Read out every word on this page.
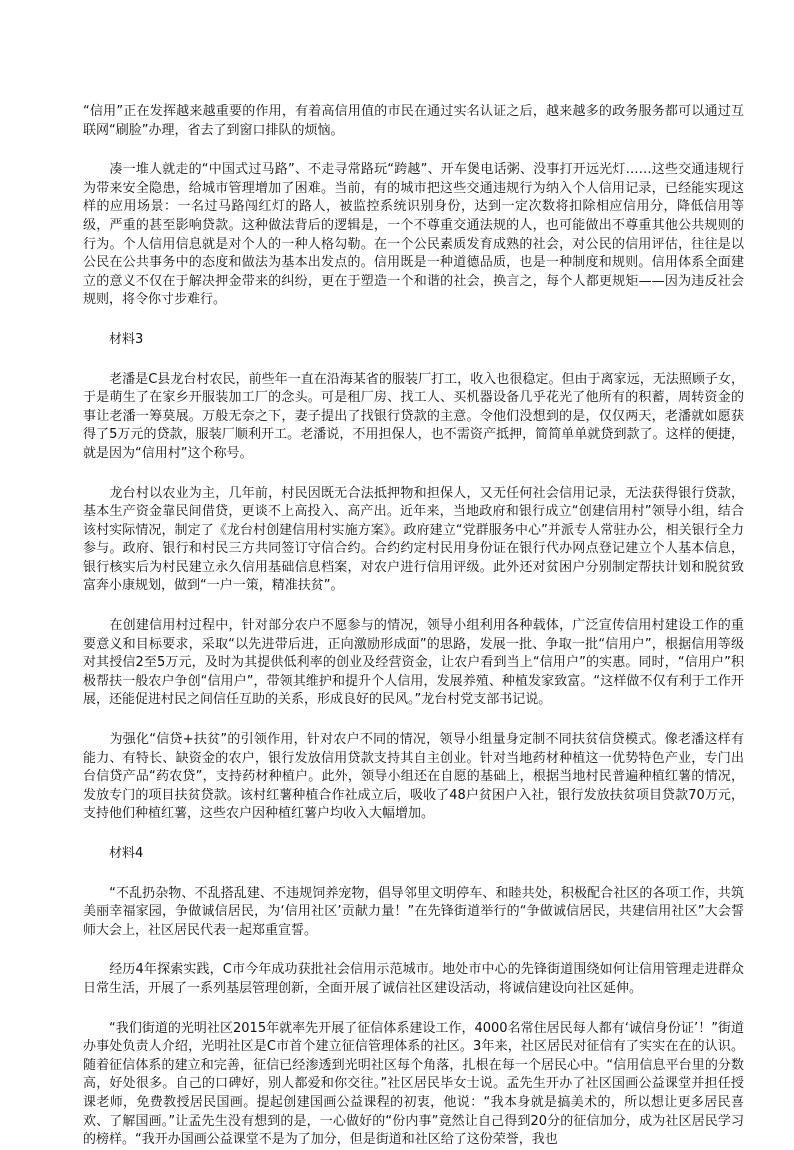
“信用”正在发挥越来越重要的作用，有着高信用值的市民在通过实名认证之后，越来越多的政务服务都可以通过互联网“刷脸”办理，省去了到窗口排队的烦恼。

　　凑一堆人就走的“中国式过马路”、不走寻常路玩“跨越”、开车煲电话粥、没事打开远光灯……这些交通违规行为带来安全隐患，给城市管理增加了困难。当前，有的城市把这些交通违规行为纳入个人信用记录，已经能实现这样的应用场景：一名过马路闯红灯的路人，被监控系统识别身份，达到一定次数将扣除相应信用分，降低信用等级，严重的甚至影响贷款。这种做法背后的逻辑是，一个不尊重交通法规的人，也可能做出不尊重其他公共规则的行为。个人信用信息就是对个人的一种人格勾勒。在一个公民素质发育成熟的社会，对公民的信用评估，往往是以公民在公共事务中的态度和做法为基本出发点的。信用既是一种道德品质，也是一种制度和规则。信用体系全面建立的意义不仅在于解决押金带来的纠纷，更在于塑造一个和谐的社会，换言之，每个人都更规矩——因为违反社会规则，将令你寸步难行。

　　材料3

　　老潘是C县龙台村农民，前些年一直在沿海某省的服装厂打工，收入也很稳定。但由于离家远，无法照顾子女，于是萌生了在家乡开服装加工厂的念头。可是租厂房、找工人、买机器设备几乎花光了他所有的积蓄，周转资金的事让老潘一筹莫展。万般无奈之下，妻子提出了找银行贷款的主意。令他们没想到的是，仅仅两天，老潘就如愿获得了5万元的贷款，服装厂顺利开工。老潘说，不用担保人，也不需资产抵押，简简单单就贷到款了。这样的便捷，就是因为“信用村”这个称号。

　　龙台村以农业为主，几年前，村民因既无合法抵押物和担保人，又无任何社会信用记录，无法获得银行贷款，基本生产资金靠民间借贷，更谈不上高投入、高产出。近年来，当地政府和银行成立“创建信用村”领导小组，结合该村实际情况，制定了《龙台村创建信用村实施方案》。政府建立“党群服务中心”并派专人常驻办公，相关银行全力参与。政府、银行和村民三方共同签订守信合约。合约约定村民用身份证在银行代办网点登记建立个人基本信息，银行核实后为村民建立永久信用基础信息档案，对农户进行信用评级。此外还对贫困户分别制定帮扶计划和脱贫致富奔小康规划，做到“一户一策，精准扶贫”。

　　在创建信用村过程中，针对部分农户不愿参与的情况，领导小组利用各种载体，广泛宣传信用村建设工作的重要意义和目标要求，采取“以先进带后进，正向激励形成面”的思路，发展一批、争取一批“信用户”，根据信用等级对其授信2至5万元，及时为其提供低利率的创业及经营资金，让农户看到当上“信用户”的实惠。同时，“信用户”积极帮扶一般农户争创“信用户”，带领其维护和提升个人信用，发展养殖、种植发家致富。“这样做不仅有利于工作开展，还能促进村民之间信任互助的关系，形成良好的民风。”龙台村党支部书记说。

　　为强化“信贷+扶贫”的引领作用，针对农户不同的情况，领导小组量身定制不同扶贫信贷模式。像老潘这样有能力、有特长、缺资金的农户，银行发放信用贷款支持其自主创业。针对当地药材种植这一优势特色产业，专门出台信贷产品“药农贷”，支持药材种植户。此外，领导小组还在自愿的基础上，根据当地村民普遍种植红薯的情况，发放专门的项目扶贫贷款。该村红薯种植合作社成立后，吸收了48户贫困户入社，银行发放扶贫项目贷款70万元，支持他们种植红薯，这些农户因种植红薯户均收入大幅增加。

　　材料4

　　“不乱扔杂物、不乱搭乱建、不违规饲养宠物，倡导邻里文明停车、和睦共处，积极配合社区的各项工作，共筑美丽幸福家园，争做诚信居民，为‘信用社区’贡献力量！”在先锋街道举行的“争做诚信居民，共建信用社区”大会誓师大会上，社区居民代表一起郑重宣誓。

　　经历4年探索实践，C市今年成功获批社会信用示范城市。地处市中心的先锋街道围绕如何让信用管理走进群众日常生活，开展了一系列基层管理创新，全面开展了诚信社区建设活动，将诚信建设向社区延伸。

　　“我们街道的光明社区2015年就率先开展了征信体系建设工作，4000名常住居民每人都有‘诚信身份证’！”街道办事处负责人介绍，光明社区是C市首个建立征信管理体系的社区。3年来，社区居民对征信有了实实在在的认识。随着征信体系的建立和完善，征信已经渗透到光明社区每个角落，扎根在每一个居民心中。“信用信息平台里的分数高，好处很多。自己的口碑好，别人都爱和你交往。”社区居民毕女士说。孟先生开办了社区国画公益课堂并担任授课老师，免费教授居民国画。提起创建国画公益课程的初衷，他说：“我本身就是搞美术的，所以想让更多居民喜欢、了解国画。”让孟先生没有想到的是，一心做好的“份内事”竟然让自己得到20分的征信加分，成为社区居民学习的榜样。“我开办国画公益课堂不是为了加分，但是街道和社区给了这份荣誉，我也
